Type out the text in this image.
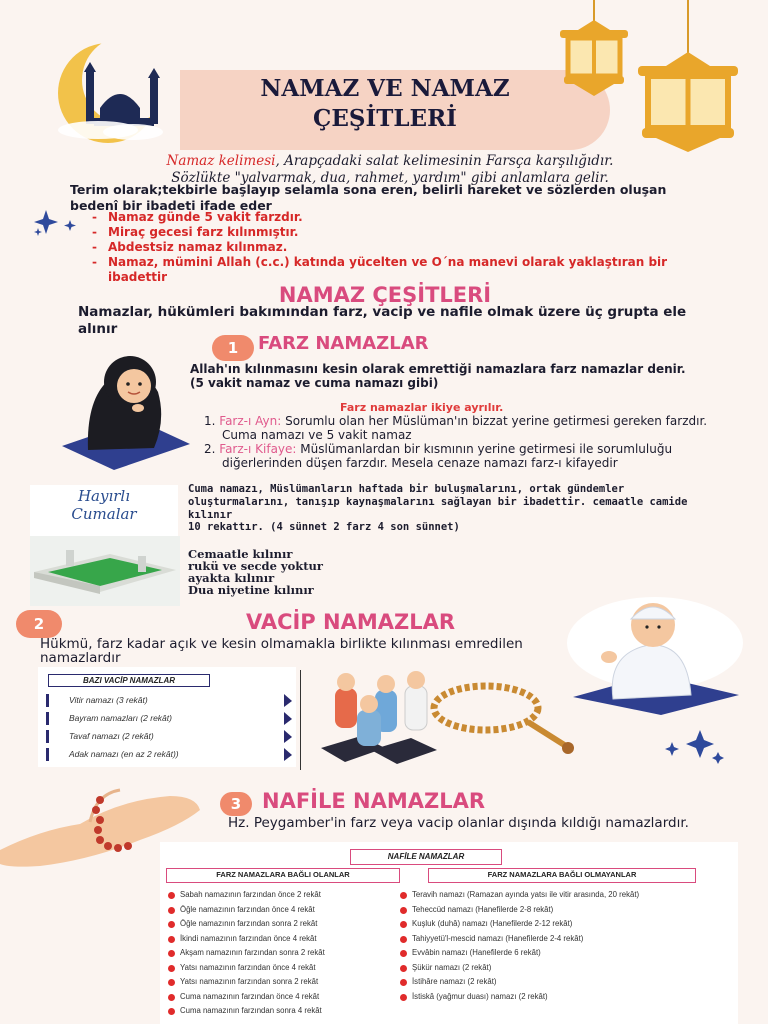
NAMAZ VE NAMAZ
ÇEŞİTLERİ
Namaz kelimesi, Arapçadaki salat kelimesinin Farsça karşılığıdır.
Sözlükte "yalvarmak, dua, rahmet, yardım" gibi anlamlara gelir.
Terim olarak;tekbirle başlayıp selamla sona eren, belirli hareket ve sözlerden oluşan bedenî bir ibadeti ifade eder
- Namaz günde 5 vakit farzdır.
- Miraç gecesi farz kılınmıştır.
- Abdestsiz namaz kılınmaz.
- Namaz, mümini Allah (c.c.) katında yücelten ve O´na manevi olarak yaklaştıran bir ibadettir
NAMAZ ÇEŞİTLERİ
Namazlar, hükümleri bakımından farz, vacip ve nafile olmak üzere üç grupta ele alınır
1	FARZ NAMAZLAR
Allah'ın kılınmasını kesin olarak emrettiği namazlara farz namazlar denir. (5 vakit namaz ve cuma namazı gibi)
Farz namazlar ikiye ayrılır.
1. Farz-ı Ayn: Sorumlu olan her Müslüman'ın bizzat yerine getirmesi gereken farzdır. Cuma namazı ve 5 vakit namaz
2. Farz-ı Kifaye: Müslümanlardan bir kısmının yerine getirmesi ile sorumluluğu diğerlerinden düşen farzdır. Mesela cenaze namazı farz-ı kifayedir
Hayırlı
Cumalar
Cuma namazı, Müslümanların haftada bir buluşmalarını, ortak gündemler oluşturmalarını, tanışıp kaynaşmalarını sağlayan bir ibadettir. cemaatle camide kılınır
10 rekattır. (4 sünnet 2 farz 4 son sünnet)
Cemaatle kılınır
rukü ve secde yoktur
ayakta kılınır
Dua niyetine kılınır
2	VACİP NAMAZLAR
Hükmü, farz kadar açık ve kesin olmamakla birlikte kılınması emredilen namazlardır
BAZI VACİP NAMAZLAR
Vitir namazı (3 rekât)
Bayram namazları (2 rekât)
Tavaf namazı (2 rekât)
Adak namazı (en az 2 rekât))
3 NAFİLE NAMAZLAR
Hz. Peygamber'in farz veya vacip olanlar dışında kıldığı namazlardır.
NAFİLE NAMAZLAR
FARZ NAMAZLARA BAĞLI OLANLAR	FARZ NAMAZLARA BAĞLI OLMAYANLAR
Sabah namazının farzından önce 2 rekât
Öğle namazının farzından önce 4 rekât
Öğle namazının farzından sonra 2 rekât
İkindi namazının farzından önce 4 rekât
Akşam namazının farzından sonra 2 rekât
Yatsı namazının farzından önce 4 rekât
Yatsı namazının farzından sonra 2 rekât
Cuma namazının farzından önce 4 rekât
Cuma namazının farzından sonra 4 rekât
Teravih namazı (Ramazan ayında yatsı ile vitir arasında, 20 rekât)
Teheccüd namazı (Hanefilerde 2-8 rekât)
Kuşluk (duhâ) namazı (Hanefilerde 2-12 rekât)
Tahiyyetü'l-mescid namazı (Hanefilerde 2-4 rekât)
Evvâbin namazı (Hanefilerde 6 rekât)
Şükür namazı (2 rekât)
İstihâre namazı (2 rekât)
İstiskâ (yağmur duası) namazı (2 rekât)
